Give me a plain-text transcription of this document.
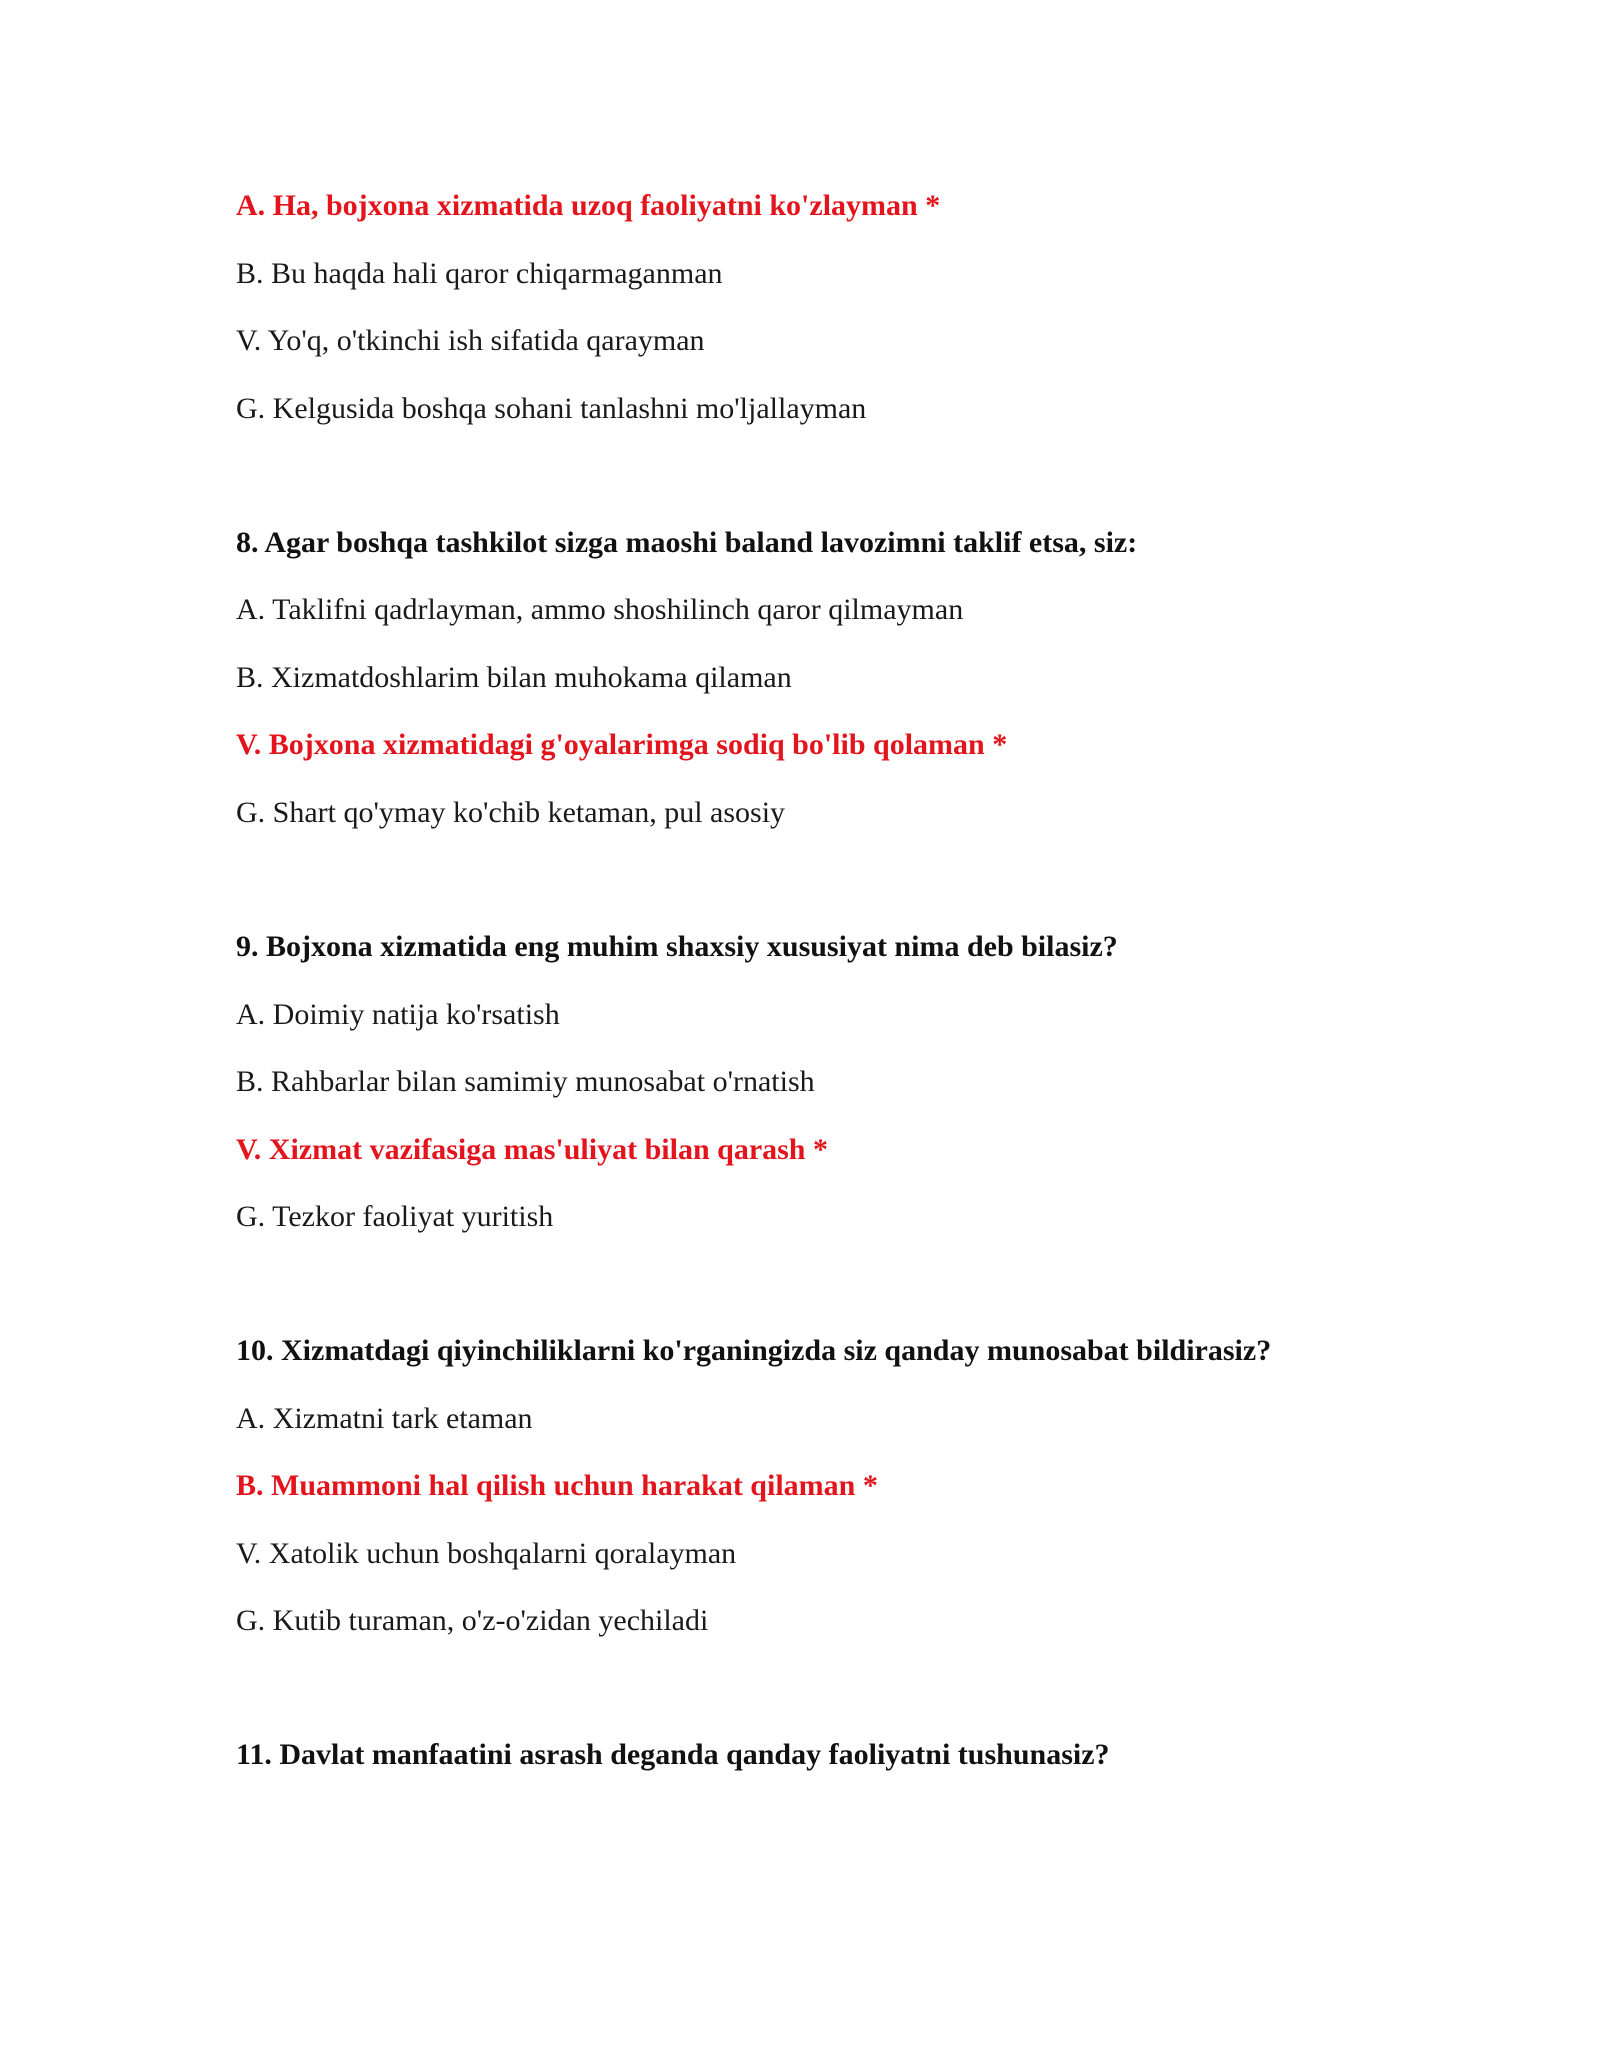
A. Ha, bojxona xizmatida uzoq faoliyatni ko'zlayman *
B. Bu haqda hali qaror chiqarmaganman
V. Yo'q, o'tkinchi ish sifatida qarayman
G. Kelgusida boshqa sohani tanlashni mo'ljallayman
8. Agar boshqa tashkilot sizga maoshi baland lavozimni taklif etsa, siz:
A. Taklifni qadrlayman, ammo shoshilinch qaror qilmayman
B. Xizmatdoshlarim bilan muhokama qilaman
V. Bojxona xizmatidagi g'oyalarimga sodiq bo'lib qolaman *
G. Shart qo'ymay ko'chib ketaman, pul asosiy
9. Bojxona xizmatida eng muhim shaxsiy xususiyat nima deb bilasiz?
A. Doimiy natija ko'rsatish
B. Rahbarlar bilan samimiy munosabat o'rnatish
V. Xizmat vazifasiga mas'uliyat bilan qarash *
G. Tezkor faoliyat yuritish
10. Xizmatdagi qiyinchiliklarni ko'rganingizda siz qanday munosabat bildirasiz?
A. Xizmatni tark etaman
B. Muammoni hal qilish uchun harakat qilaman *
V. Xatolik uchun boshqalarni qoralayman
G. Kutib turaman, o'z-o'zidan yechiladi
11. Davlat manfaatini asrash deganda qanday faoliyatni tushunasiz?
